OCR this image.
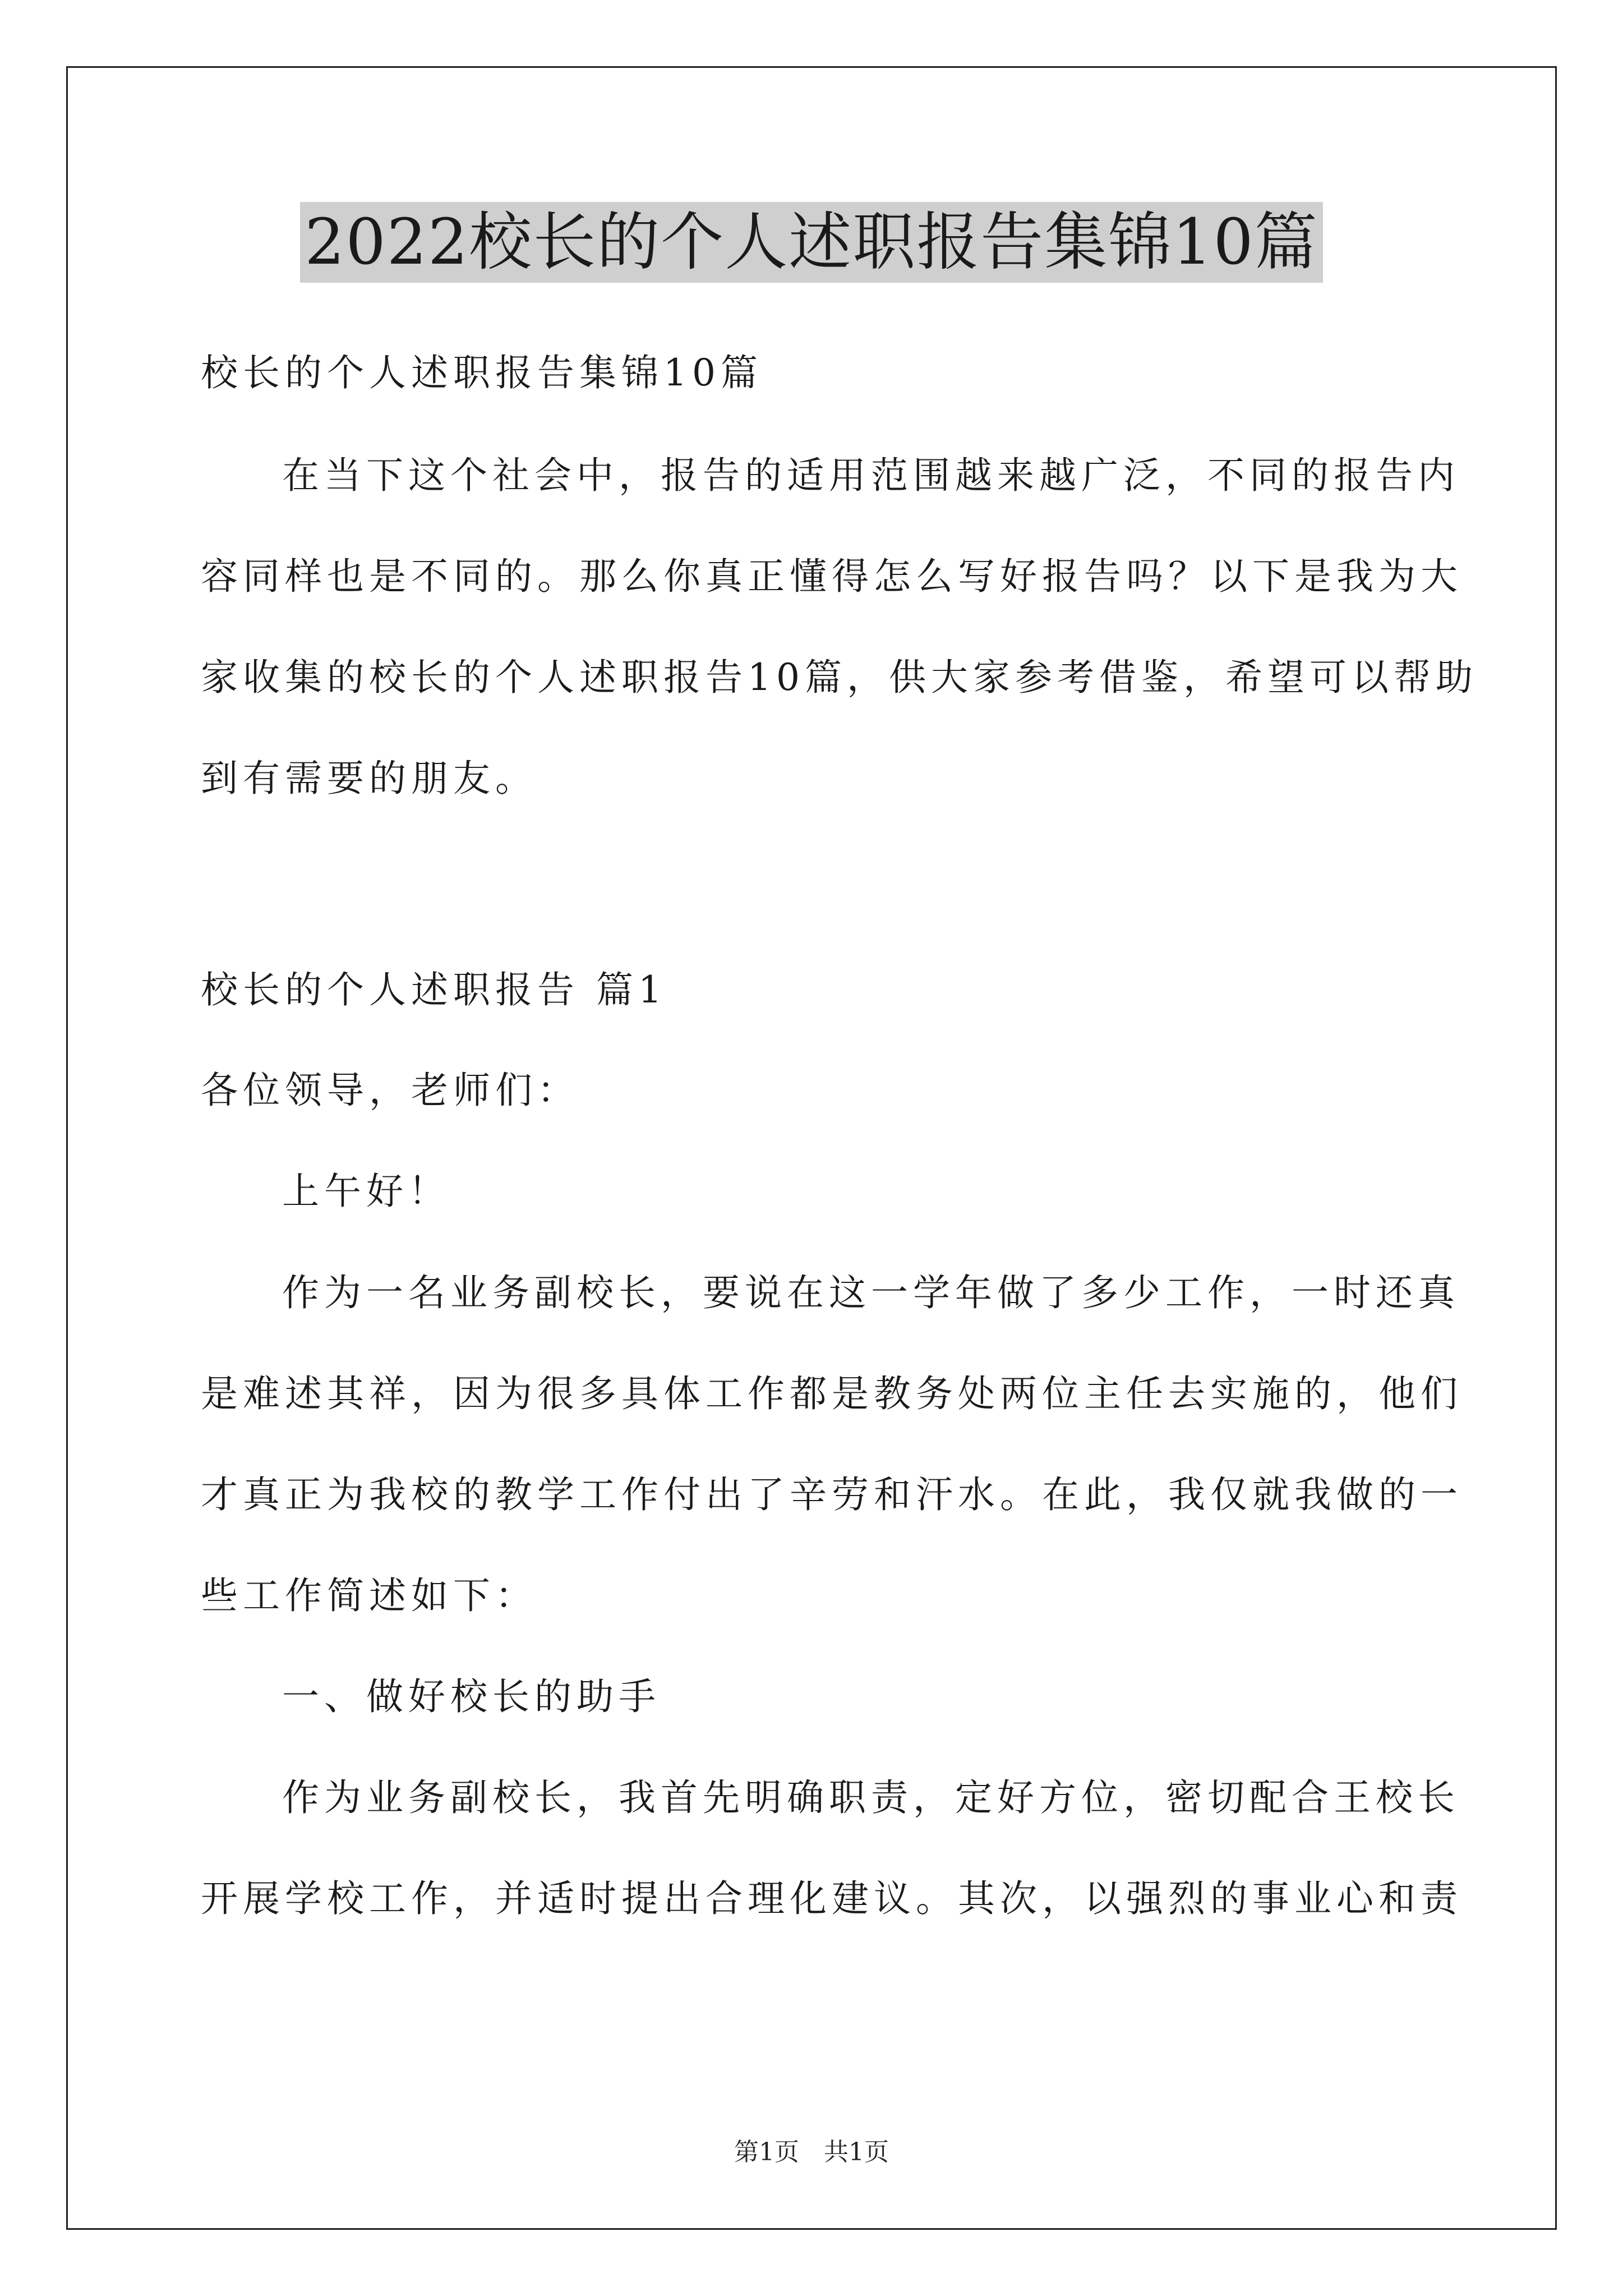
2022校长的个人述职报告集锦10篇
校长的个人述职报告集锦10篇
在当下这个社会中，报告的适用范围越来越广泛，不同的报告内
容同样也是不同的。那么你真正懂得怎么写好报告吗？以下是我为大
家收集的校长的个人述职报告10篇，供大家参考借鉴，希望可以帮助
到有需要的朋友。
校长的个人述职报告 篇1
各位领导，老师们：
上午好！
作为一名业务副校长，要说在这一学年做了多少工作，一时还真
是难述其祥，因为很多具体工作都是教务处两位主任去实施的，他们
才真正为我校的教学工作付出了辛劳和汗水。在此，我仅就我做的一
些工作简述如下：
一、做好校长的助手
作为业务副校长，我首先明确职责，定好方位，密切配合王校长
开展学校工作，并适时提出合理化建议。其次，以强烈的事业心和责
第1页　共1页
